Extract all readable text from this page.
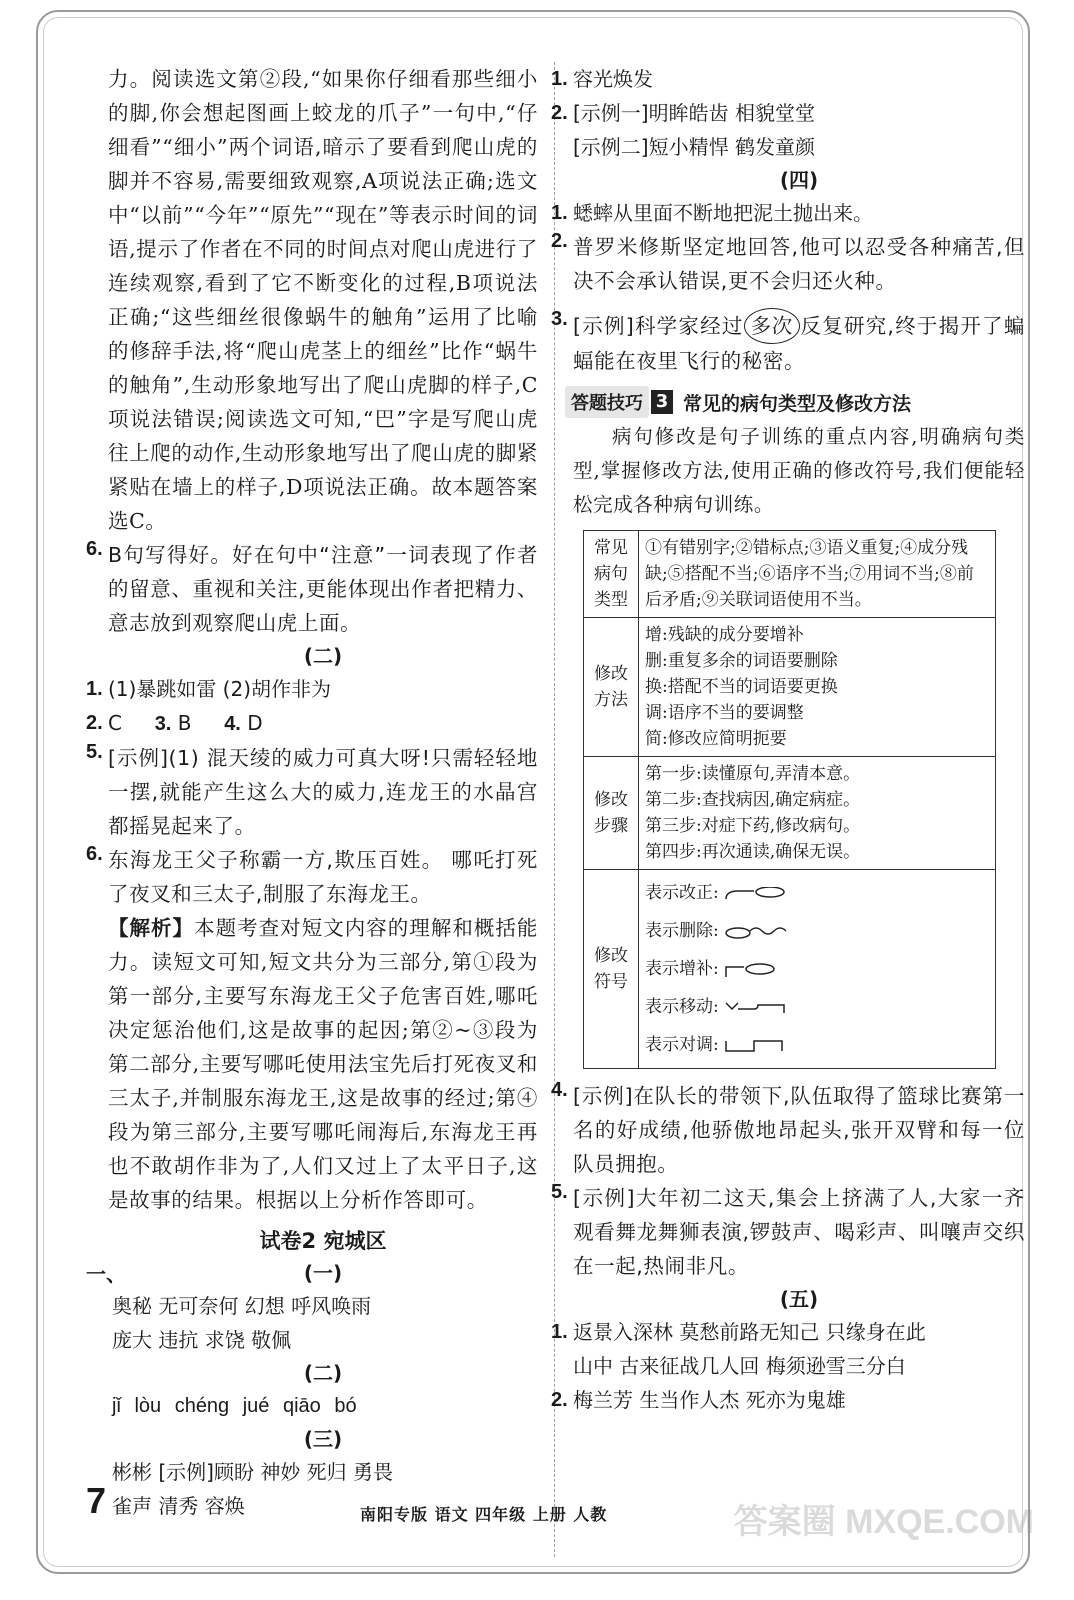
力。阅读选文第②段,“如果你仔细看那些细小的脚,你会想起图画上蛟龙的爪子”一句中,“仔细看”“细小”两个词语,暗示了要看到爬山虎的脚并不容易,需要细致观察,A项说法正确;选文中“以前”“今年”“原先”“现在”等表示时间的词语,提示了作者在不同的时间点对爬山虎进行了连续观察,看到了它不断变化的过程,B项说法正确;“这些细丝很像蜗牛的触角”运用了比喻的修辞手法,将“爬山虎茎上的细丝”比作“蜗牛的触角”,生动形象地写出了爬山虎脚的样子,C项说法错误;阅读选文可知,“巴”字是写爬山虎往上爬的动作,生动形象地写出了爬山虎的脚紧紧贴在墙上的样子,D项说法正确。故本题答案选C。

6. B句写得好。好在句中“注意”一词表现了作者的留意、重视和关注,更能体现出作者把精力、意志放到观察爬山虎上面。

(二)
1. (1)暴跳如雷 (2)胡作非为
2. C 3. B 4. D
5. [示例](1) 混天绫的威力可真大呀!只需轻轻地一摆,就能产生这么大的威力,连龙王的水晶宫都摇晃起来了。

6. 东海龙王父子称霸一方,欺压百姓。 哪吒打死了夜叉和三太子,制服了东海龙王。

【解析】本题考查对短文内容的理解和概括能力。读短文可知,短文共分为三部分,第①段为第一部分,主要写东海龙王父子危害百姓,哪吒决定惩治他们,这是故事的起因;第②~③段为第二部分,主要写哪吒使用法宝先后打死夜叉和三太子,并制服东海龙王,这是故事的经过;第④段为第三部分,主要写哪吒闹海后,东海龙王再也不敢胡作非为了,人们又过上了太平日子,这是故事的结果。根据以上分析作答即可。

试卷2 宛城区
一、	(一)
奥秘 无可奈何 幻想 呼风唤雨
庞大 违抗 求饶 敬佩
(二)
jǐ lòu chéng jué qiāo bó
(三)
彬彬 [示例]顾盼 神妙 死归 勇畏
雀声 清秀 容焕
1. 容光焕发
2. [示例一]明眸皓齿 相貌堂堂
[示例二]短小精悍 鹤发童颜
(四)
1. 蟋蟀从里面不断地把泥土抛出来。
2. 普罗米修斯坚定地回答,他可以忍受各种痛苦,但决不会承认错误,更不会归还火种。

3. [示例]科学家经过 多次 反复研究,终于揭开了蝙蝠能在夜里飞行的秘密。

答题技巧 3 常见的病句类型及修改方法

病句修改是句子训练的重点内容,明确病句类型,掌握修改方法,使用正确的修改符号,我们便能轻松完成各种病句训练。

常见病句类型	①有错别字;②错标点;③语义重复;④成分残缺;⑤搭配不当;⑥语序不当;⑦用词不当;⑧前后矛盾;⑨关联词语使用不当。
修改方法	增:残缺的成分要增补
删:重复多余的词语要删除
换:搭配不当的词语要更换
调:语序不当的要调整
简:修改应简明扼要

修改步骤	第一步:读懂原句,弄清本意。
第二步:查找病因,确定病症。
第三步:对症下药,修改病句。
第四步:再次通读,确保无误。

修改符号	表示改正:
表示删除:
表示增补:
表示移动:
表示对调:
4. [示例]在队长的带领下,队伍取得了篮球比赛第一名的好成绩,他骄傲地昂起头,张开双臂和每一位队员拥抱。

5. [示例]大年初二这天,集会上挤满了人,大家一齐观看舞龙舞狮表演,锣鼓声、喝彩声、叫嚷声交织在一起,热闹非凡。

(五)
1. 返景入深林 莫愁前路无知己 只缘身在此
山中 古来征战几人回 梅须逊雪三分白
2. 梅兰芳 生当作人杰 死亦为鬼雄
7	南阳专版 语文 四年级 上册 人教	答案圈 MXQE.COM
